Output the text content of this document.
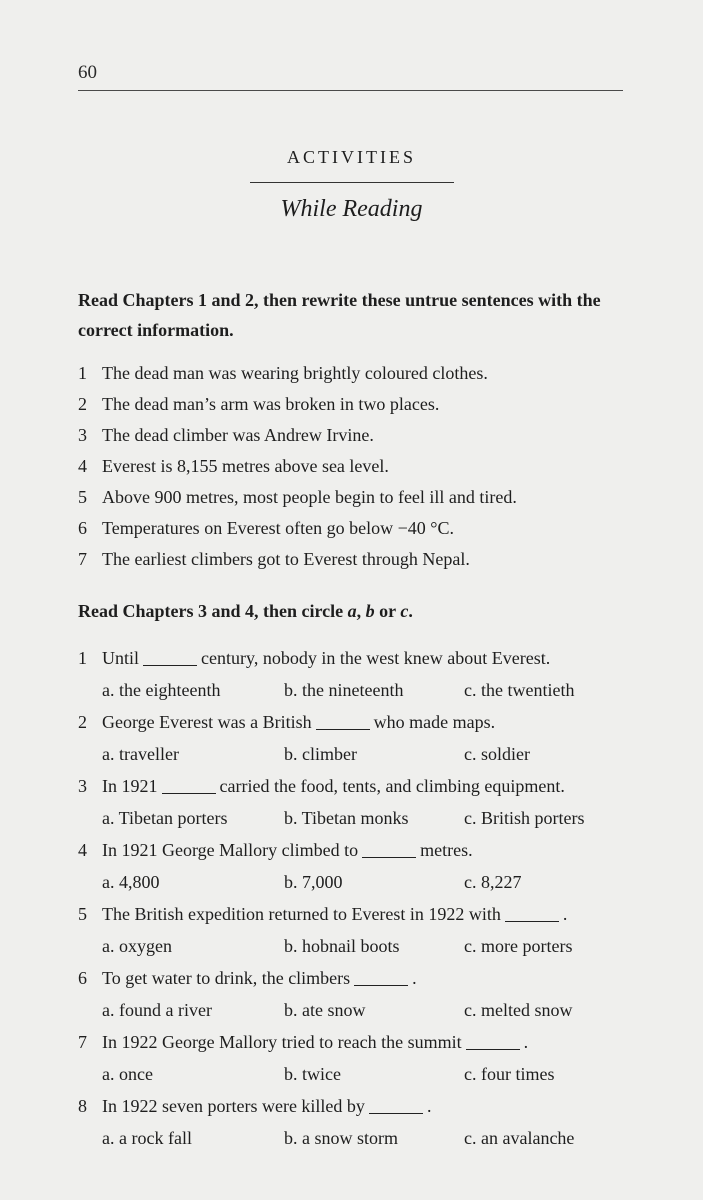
60
ACTIVITIES
While Reading
Read Chapters 1 and 2, then rewrite these untrue sentences with the correct information.
1 The dead man was wearing brightly coloured clothes.
2 The dead man’s arm was broken in two places.
3 The dead climber was Andrew Irvine.
4 Everest is 8,155 metres above sea level.
5 Above 900 metres, most people begin to feel ill and tired.
6 Temperatures on Everest often go below −40 °C.
7 The earliest climbers got to Everest through Nepal.
Read Chapters 3 and 4, then circle a, b or c.
1 Until	century, nobody in the west knew about Everest.
a. the eighteenth	b. the nineteenth	c. the twentieth
2 George Everest was a British	who made maps.
a. traveller	b. climber	c. soldier
3 In 1921	carried the food, tents, and climbing equipment.
a. Tibetan porters	b. Tibetan monks	c. British porters
4 In 1921 George Mallory climbed to	metres.
a. 4,800	b. 7,000	c. 8,227
5 The British expedition returned to Everest in 1922 with	.
a. oxygen	b. hobnail boots	c. more porters
6 To get water to drink, the climbers	.
a. found a river	b. ate snow	c. melted snow
7 In 1922 George Mallory tried to reach the summit	.
a. once	b. twice	c. four times
8 In 1922 seven porters were killed by	.
a. a rock fall	b. a snow storm	c. an avalanche
